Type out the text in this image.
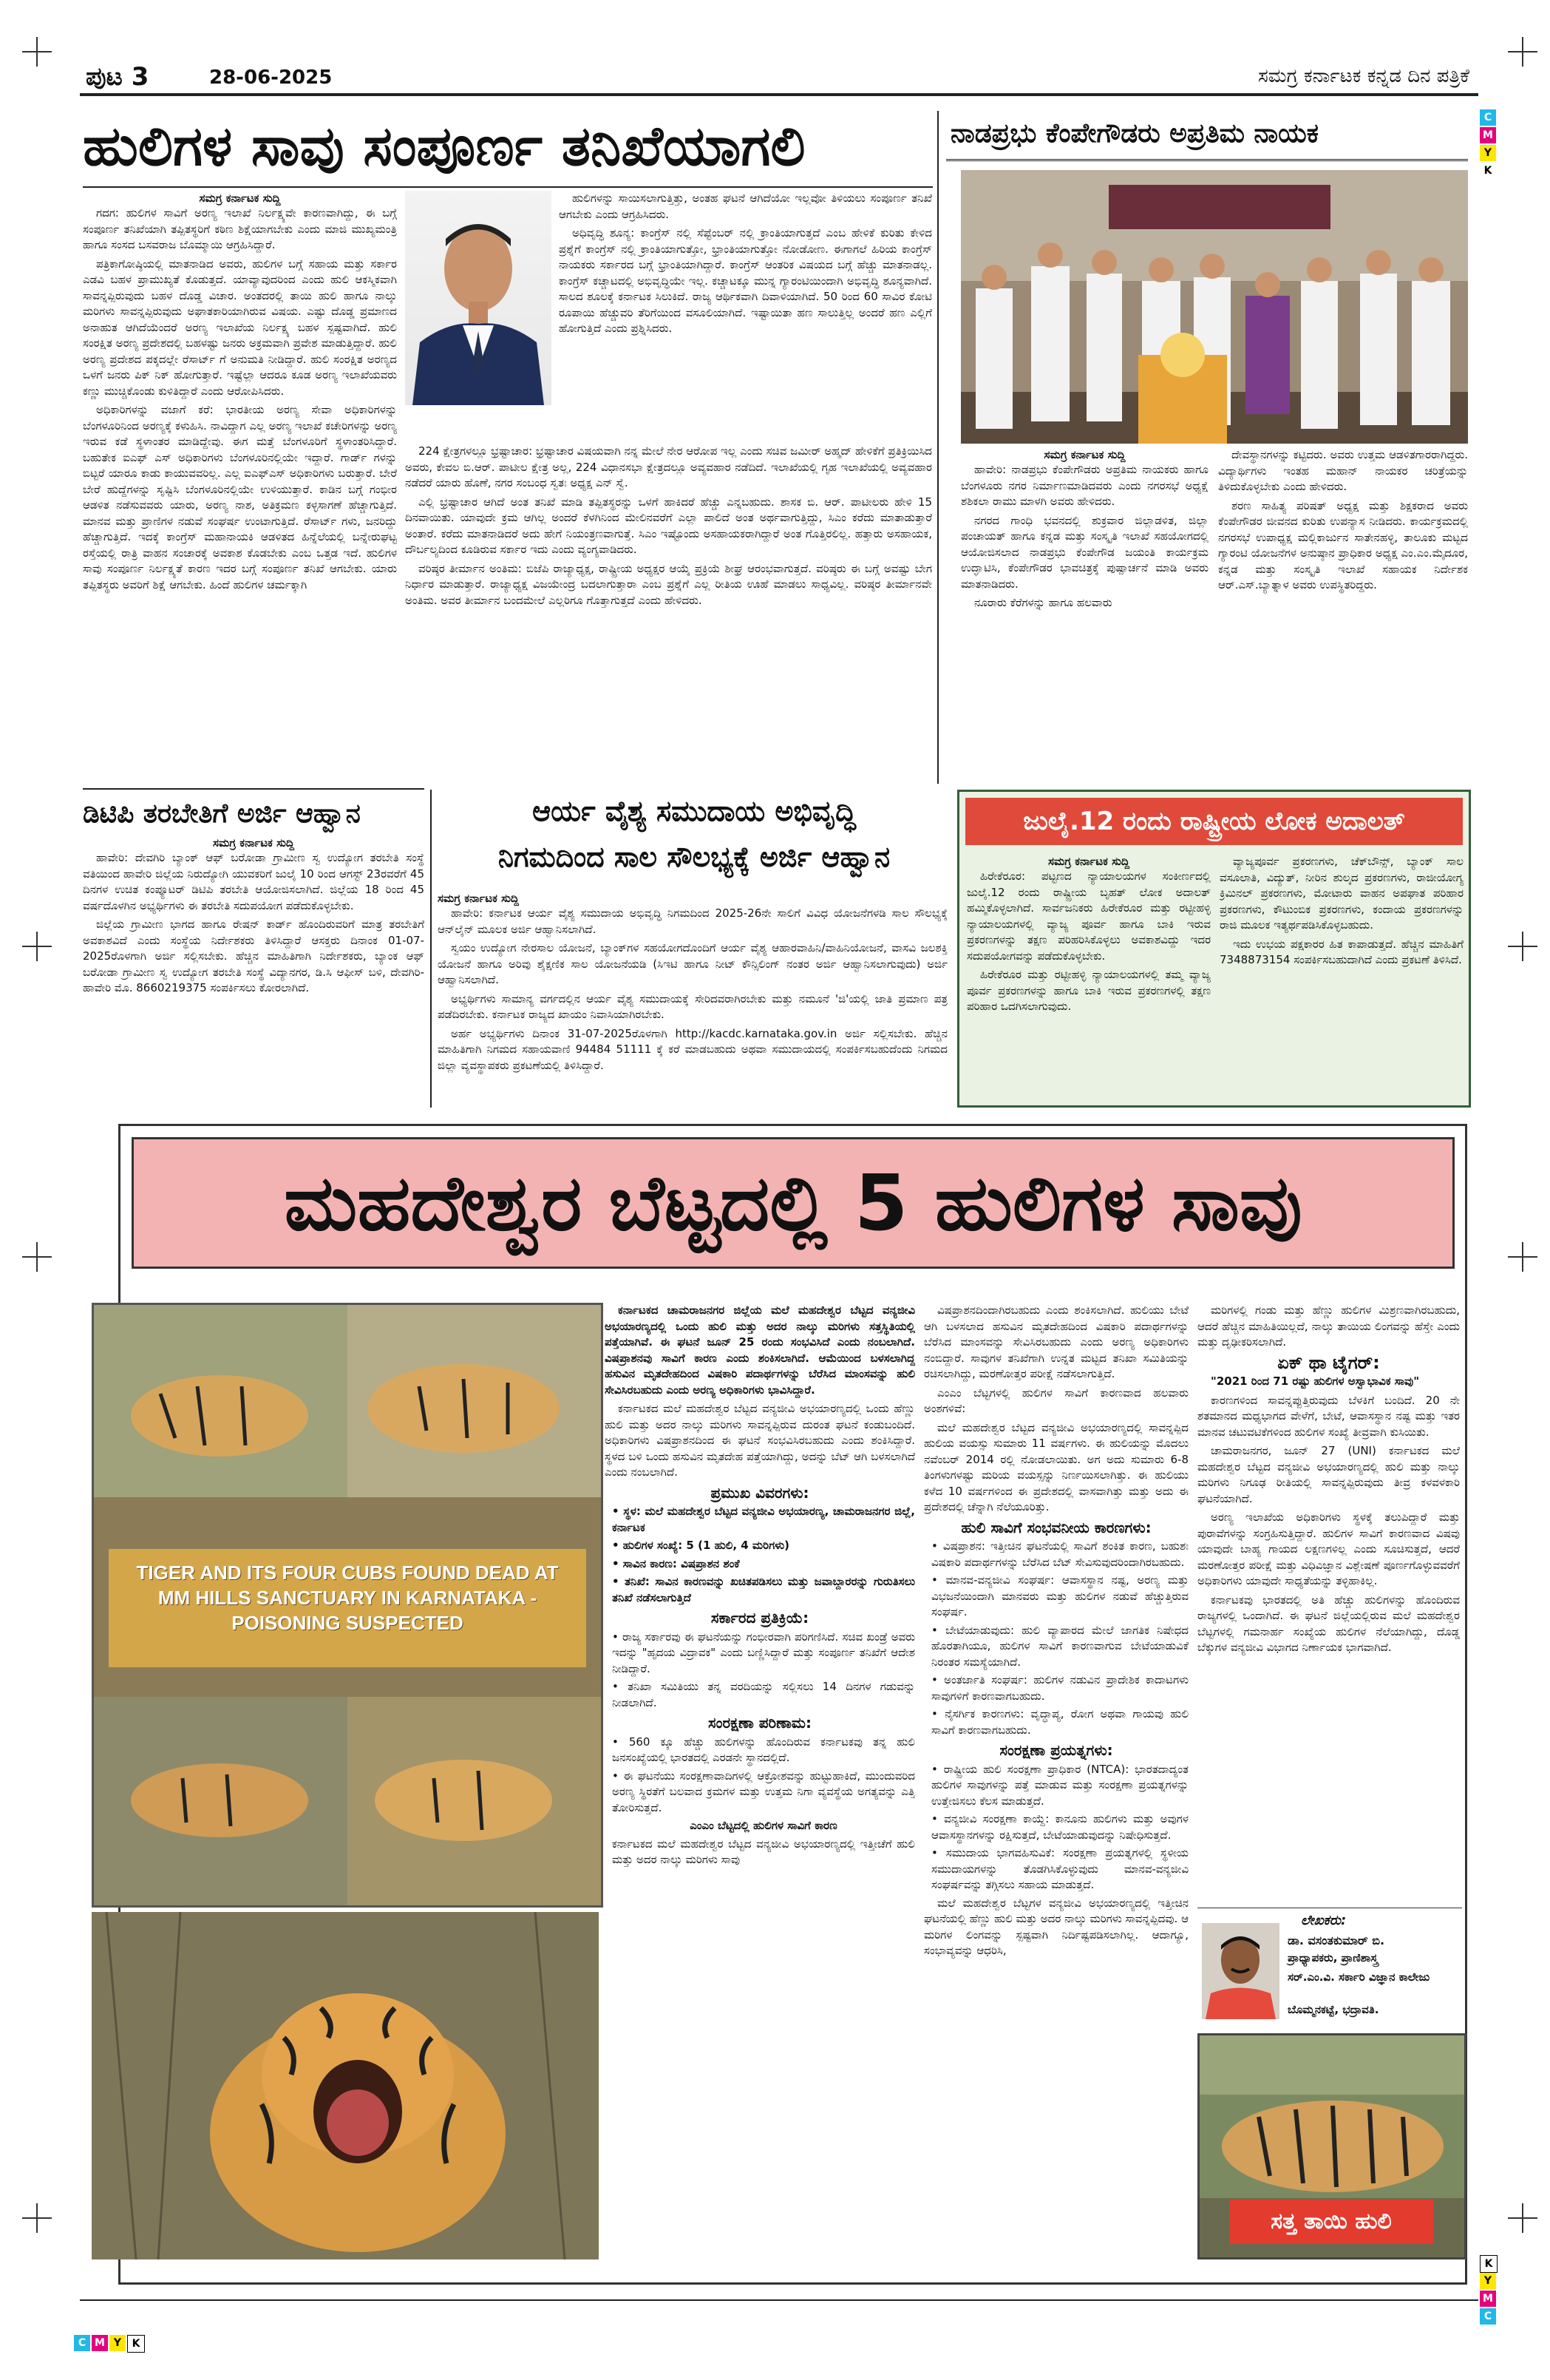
ಪುಟ 3	28-06-2025	ಸಮಗ್ರ ಕರ್ನಾಟಕ ಕನ್ನಡ ದಿನ ಪತ್ರಿಕೆ
C
M
Y
K
K
Y
M
C
C M Y	K
ಹುಲಿಗಳ ಸಾವು ಸಂಪೂರ್ಣ ತನಿಖೆಯಾಗಲಿ
ಸಮಗ್ರ ಕರ್ನಾಟಕ ಸುದ್ದಿ

ಗದಗ: ಹುಲಿಗಳ ಸಾವಿಗೆ ಅರಣ್ಯ ಇಲಾಖೆ ನಿರ್ಲಕ್ಷ್ಯವೇ ಕಾರಣವಾಗಿದ್ದು, ಈ ಬಗ್ಗೆ ಸಂಪೂರ್ಣ ತನಿಖೆಯಾಗಿ ತಪ್ಪಿತಸ್ಥರಿಗೆ ಕಠಿಣ ಶಿಕ್ಷೆಯಾಗಬೇಕು ಎಂದು ಮಾಜಿ ಮುಖ್ಯಮಂತ್ರಿ ಹಾಗೂ ಸಂಸದ ಬಸವರಾಜ ಬೊಮ್ಮಾಯಿ ಆಗ್ರಹಿಸಿದ್ದಾರೆ.

ಪತ್ರಿಕಾಗೋಷ್ಠಿಯಲ್ಲಿ ಮಾತನಾಡಿದ ಅವರು, ಹುಲಿಗಳ ಬಗ್ಗೆ ಸಹಾಯ ಮತ್ತು ಸರ್ಕಾರ ಎಡವಿ ಬಹಳ ಪ್ರಾಮುಖ್ಯತೆ ಕೊಡುತ್ತದೆ. ಯಾವ್ಯಾವುದರಿಂದ ಎಂದು ಹುಲಿ ಆಕಸ್ಮಿಕವಾಗಿ ಸಾವನ್ನಪ್ಪಿರುವುದು ಬಹಳ ದೊಡ್ಡ ವಿಚಾರ. ಅಂತದರಲ್ಲಿ ತಾಯಿ ಹುಲಿ ಹಾಗೂ ನಾಲ್ಕು ಮರಿಗಳು ಸಾವನ್ನಪ್ಪಿರುವುದು ಅಘಾತಕಾರಿಯಾಗಿರುವ ವಿಷಯ. ಎಷ್ಟು ದೊಡ್ಡ ಪ್ರಮಾಣದ ಅನಾಹುತ ಆಗಿದೆಯೆಂದರೆ ಅರಣ್ಯ ಇಲಾಖೆಯ ನಿರ್ಲಕ್ಷ್ಯ ಬಹಳ ಸ್ಪಷ್ಟವಾಗಿದೆ. ಹುಲಿ ಸಂರಕ್ಷಿತ ಅರಣ್ಯ ಪ್ರದೇಶದಲ್ಲಿ ಬಹಳಷ್ಟು ಜನರು ಅಕ್ರಮವಾಗಿ ಪ್ರವೇಶ ಮಾಡುತ್ತಿದ್ದಾರೆ. ಹುಲಿ ಅರಣ್ಯ ಪ್ರದೇಶದ ಪಕ್ಕದಲ್ಲೇ ರೆಸಾರ್ಟ್ ಗೆ ಅನುಮತಿ ನೀಡಿದ್ದಾರೆ. ಹುಲಿ ಸಂರಕ್ಷಿತ ಅರಣ್ಯದ ಒಳಗೆ ಜನರು ಪಿಕ್ ನಿಕ್ ಹೋಗುತ್ತಾರೆ. ಇಷ್ಟೆಲ್ಲಾ ಆದರೂ ಕೂಡ ಅರಣ್ಯ ಇಲಾಖೆಯವರು ಕಣ್ಣು ಮುಚ್ಚಿಕೊಂಡು ಕುಳಿತಿದ್ದಾರೆ ಎಂದು ಆರೋಪಿಸಿದರು.

ಅಧಿಕಾರಿಗಳನ್ನು ವಜಾಗೆ ಕರೆ: ಭಾರತೀಯ ಅರಣ್ಯ ಸೇವಾ ಅಧಿಕಾರಿಗಳನ್ನು ಬೆಂಗಳೂರಿನಿಂದ ಅರಣ್ಯಕ್ಕೆ ಕಳುಹಿಸಿ. ನಾವಿದ್ದಾಗ ಎಲ್ಲ ಅರಣ್ಯ ಇಲಾಖೆ ಕಚೇರಿಗಳನ್ನು ಅರಣ್ಯ ಇರುವ ಕಡೆ ಸ್ಥಳಾಂತರ ಮಾಡಿದ್ದೇವು. ಈಗ ಮತ್ತೆ ಬೆಂಗಳೂರಿಗೆ ಸ್ಥಳಾಂತರಿಸಿದ್ದಾರೆ. ಬಹುತೇಕ ಐಎಫ್ ಎಸ್ ಅಧಿಕಾರಿಗಳು ಬೆಂಗಳೂರಿನಲ್ಲಿಯೇ ಇದ್ದಾರೆ. ಗಾರ್ಡ್ ಗಳನ್ನು ಬಿಟ್ಟರೆ ಯಾರೂ ಕಾಡು ಕಾಯುವವರಿಲ್ಲ. ಎಲ್ಲ ಐಎಫ್ಎಸ್ ಅಧಿಕಾರಿಗಳು ಬರುತ್ತಾರೆ. ಬೇರೆ ಬೇರೆ ಹುದ್ದೆಗಳನ್ನು ಸೃಷ್ಟಿಸಿ ಬೆಂಗಳೂರಿನಲ್ಲಿಯೇ ಉಳಿಯುತ್ತಾರೆ. ಕಾಡಿನ ಬಗ್ಗೆ ಗಂಭೀರ ಆಡಳಿತ ನಡೆಸುವವರು ಯಾರು, ಅರಣ್ಯ ನಾಶ, ಅತಿಕ್ರಮಣ ಕಳ್ಳಸಾಗಣೆ ಹೆಚ್ಚಾಗುತ್ತಿದೆ. ಮಾನವ ಮತ್ತು ಪ್ರಾಣಿಗಳ ನಡುವೆ ಸಂಘರ್ಷ ಉಂಟಾಗುತ್ತಿದೆ. ರೆಸಾರ್ಟ್ ಗಳು, ಜನರಿದ್ದು ಹೆಚ್ಚಾಗುತ್ತಿದೆ. ಇದಕ್ಕೆ ಕಾಂಗ್ರೆಸ್ ಮಹಾನಾಯಕಿ ಆಡಳಿತದ ಹಿನ್ನೆಲೆಯಲ್ಲಿ ಬನ್ನೇರುಘಟ್ಟ ರಸ್ತೆಯಲ್ಲಿ ರಾತ್ರಿ ವಾಹನ ಸಂಚಾರಕ್ಕೆ ಅವಕಾಶ ಕೊಡಬೇಕು ಎಂಬ ಒತ್ತಡ ಇದೆ. ಹುಲಿಗಳ ಸಾವು ಸಂಪೂರ್ಣ ನಿರ್ಲಕ್ಷ್ಯತೆ ಕಾರಣ ಇದರ ಬಗ್ಗೆ ಸಂಪೂರ್ಣ ತನಿಖೆ ಆಗಬೇಕು. ಯಾರು ತಪ್ಪಿತಸ್ಥರು ಅವರಿಗೆ ಶಿಕ್ಷೆ ಆಗಬೇಕು. ಹಿಂದೆ ಹುಲಿಗಳ ಚರ್ಮಕ್ಕಾಗಿ

ಹುಲಿಗಳನ್ನು ಸಾಯಿಸಲಾಗುತ್ತಿತ್ತು, ಅಂತಹ ಘಟನೆ ಆಗಿದೆಯೋ ಇಲ್ಲವೋ ತಿಳಿಯಲು ಸಂಪೂರ್ಣ ತನಿಖೆ ಆಗಬೇಕು ಎಂದು ಆಗ್ರಹಿಸಿದರು.

ಅಧಿವೃದ್ಧಿ ಶೂನ್ಯ: ಕಾಂಗ್ರೆಸ್ ನಲ್ಲಿ ಸೆಪ್ಟೆಂಬರ್ ನಲ್ಲಿ ಕ್ರಾಂತಿಯಾಗುತ್ತದೆ ಎಂಬ ಹೇಳಿಕೆ ಕುರಿತು ಕೇಳಿದ ಪ್ರಶ್ನೆಗೆ ಕಾಂಗ್ರೆಸ್ ನಲ್ಲಿ ಕ್ರಾಂತಿಯಾಗುತ್ತೋ, ಭ್ರಾಂತಿಯಾಗುತ್ತೋ ನೋಡೋಣ. ಈಗಾಗಲೆ ಹಿರಿಯ ಕಾಂಗ್ರೆಸ್ ನಾಯಕರು ಸರ್ಕಾರದ ಬಗ್ಗೆ ಭ್ರಾಂತಿಯಾಗಿದ್ದಾರೆ. ಕಾಂಗ್ರೆಸ್ ಆಂತರಿಕ ವಿಷಯದ ಬಗ್ಗೆ ಹೆಚ್ಚು ಮಾತನಾಡಲ್ಲ. ಕಾಂಗ್ರೆಸ್ ಕಚ್ಚಾಟದಲ್ಲಿ ಅಭಿವೃದ್ಧಿಯೇ ಇಲ್ಲ. ಕಚ್ಚಾಟಕ್ಕೂ ಮುನ್ನ ಗ್ಯಾರಂಟಿಯಿಂದಾಗಿ ಅಭಿವೃದ್ಧಿ ಶೂನ್ಯವಾಗಿದೆ. ಸಾಲದ ಶೂಲಕ್ಕೆ ಕರ್ನಾಟಕ ಸಿಲುಕಿದೆ. ರಾಜ್ಯ ಆರ್ಥಿಕವಾಗಿ ದಿವಾಳಿಯಾಗಿದೆ. 50 ರಿಂದ 60 ಸಾವಿರ ಕೋಟಿ ರೂಪಾಯಿ ಹೆಚ್ಚುವರಿ ತೆರಿಗೆಯಿಂದ ವಸೂಲಿಯಾಗಿದೆ. ಇಷ್ಟಾಯಿತಾ ಹಣ ಸಾಲುತ್ತಿಲ್ಲ ಅಂದರೆ ಹಣ ಎಲ್ಲಿಗೆ ಹೋಗುತ್ತಿದೆ ಎಂದು ಪ್ರಶ್ನಿಸಿದರು.

224 ಕ್ಷೇತ್ರಗಳಲ್ಲೂ ಭ್ರಷ್ಟಾಚಾರ: ಭ್ರಷ್ಟಾಚಾರ ವಿಷಯವಾಗಿ ನನ್ನ ಮೇಲೆ ನೇರ ಆರೋಪ ಇಲ್ಲ ಎಂದು ಸಚಿವ ಜಮೀರ್ ಅಹ್ಮದ್ ಹೇಳಿಕೆಗೆ ಪ್ರತಿಕ್ರಿಯಿಸಿದ ಅವರು, ಕೇವಲ ಬಿ.ಆರ್. ಪಾಟೀಲ ಕ್ಷೇತ್ರ ಅಲ್ಲ, 224 ವಿಧಾನಸಭಾ ಕ್ಷೇತ್ರದಲ್ಲೂ ಅವ್ಯವಹಾರ ನಡೆದಿದೆ. ಇಲಾಖೆಯಲ್ಲಿ ಗೃಹ ಇಲಾಖೆಯಲ್ಲಿ ಅವ್ಯವಹಾರ ನಡೆದರೆ ಯಾರು ಹೊಣೆ, ನಗರ ಸಂಬಂಧ ಸ್ವತಃ ಅಧ್ಯಕ್ಷ ಎನ್ ಸ್ವೆ.

ಎಲ್ಲಿ ಭ್ರಷ್ಟಾಚಾರ ಆಗಿದೆ ಅಂತ ತನಿಖೆ ಮಾಡಿ ತಪ್ಪಿತಸ್ಥರನ್ನು ಒಳಗೆ ಹಾಕಿದರೆ ಹೆಚ್ಚು ಎನ್ನಬಹುದು. ಶಾಸಕ ಬಿ. ಆರ್. ಪಾಟೀಲರು ಹೇಳಿ 15 ದಿನವಾಯಿತು. ಯಾವುದೇ ಕ್ರಮ ಆಗಿಲ್ಲ ಅಂದರೆ ಕೆಳಗಿನಿಂದ ಮೇಲಿನವರೆಗೆ ಎಲ್ಲಾ ಪಾಲಿದೆ ಅಂತ ಅರ್ಥವಾಗುತ್ತಿದ್ದು, ಸಿಎಂ ಕರೆದು ಮಾತಾಡುತ್ತಾರೆ ಅಂತಾರೆ. ಕರೆದು ಮಾತನಾಡಿದರೆ ಅದು ಹೇಗೆ ನಿಯಂತ್ರಣವಾಗುತ್ತೆ. ಸಿಎಂ ಇಷ್ಟೊಂದು ಅಸಹಾಯಕರಾಗಿದ್ದಾರೆ ಅಂತ ಗೊತ್ತಿರಲಿಲ್ಲ. ಹತ್ತಾರು ಅಸಹಾಯಕ, ದೌರ್ಬಲ್ಯದಿಂದ ಕೂಡಿರುವ ಸರ್ಕಾರ ಇದು ಎಂದು ವ್ಯಂಗ್ಯವಾಡಿದರು.

ವರಿಷ್ಠರ ತೀರ್ಮಾನ ಅಂತಿಮ: ಬಿಜೆಪಿ ರಾಜ್ಯಾಧ್ಯಕ್ಷ, ರಾಷ್ಟ್ರೀಯ ಅಧ್ಯಕ್ಷರ ಆಯ್ಕೆ ಪ್ರಕ್ರಿಯೆ ಶೀಘ್ರ ಆರಂಭವಾಗುತ್ತದೆ. ವರಿಷ್ಠರು ಈ ಬಗ್ಗೆ ಅವಷ್ಟು ಬೇಗ ನಿರ್ಧಾರ ಮಾಡುತ್ತಾರೆ. ರಾಜ್ಯಾಧ್ಯಕ್ಷ ವಿಜಯೇಂದ್ರ ಬದಲಾಗುತ್ತಾರಾ ಎಂಬ ಪ್ರಶ್ನೆಗೆ ಎಲ್ಲ ರೀತಿಯ ಊಹೆ ಮಾಡಲು ಸಾಧ್ಯವಿಲ್ಲ. ವರಿಷ್ಠರ ತೀರ್ಮಾನವೇ ಅಂತಿಮ. ಅವರ ತೀರ್ಮಾನ ಬಂದಮೇಲೆ ಎಲ್ಲರಿಗೂ ಗೊತ್ತಾಗುತ್ತದೆ ಎಂದು ಹೇಳಿದರು.

ನಾಡಪ್ರಭು ಕೆಂಪೇಗೌಡರು ಅಪ್ರತಿಮ ನಾಯಕ
ಸಮಗ್ರ ಕರ್ನಾಟಕ ಸುದ್ದಿ

ಹಾವೇರಿ: ನಾಡಪ್ರಭು ಕೆಂಪೇಗೌಡರು ಅಪ್ರತಿಮ ನಾಯಕರು ಹಾಗೂ ಬೆಂಗಳೂರು ನಗರ ನಿರ್ಮಾಣಮಾಡಿದವರು ಎಂದು ನಗರಸಭೆ ಅಧ್ಯಕ್ಷೆ ಶಶಿಕಲಾ ರಾಮು ಮಾಳಗಿ ಅವರು ಹೇಳಿದರು.

ನಗರದ ಗಾಂಧಿ ಭವನದಲ್ಲಿ ಶುಕ್ರವಾರ ಜಿಲ್ಲಾಡಳಿತ, ಜಿಲ್ಲಾ ಪಂಚಾಯತ್ ಹಾಗೂ ಕನ್ನಡ ಮತ್ತು ಸಂಸ್ಕೃತಿ ಇಲಾಖೆ ಸಹಯೋಗದಲ್ಲಿ ಆಯೋಜಿಸಲಾದ ನಾಡಪ್ರಭು ಕೆಂಪೇಗೌಡ ಜಯಂತಿ ಕಾರ್ಯಕ್ರಮ ಉದ್ಘಾಟಿಸಿ, ಕೆಂಪೇಗೌಡರ ಭಾವಚಿತ್ರಕ್ಕೆ ಪುಷ್ಪಾರ್ಚನೆ ಮಾಡಿ ಅವರು ಮಾತನಾಡಿದರು.

ನೂರಾರು ಕೆರೆಗಳನ್ನು ಹಾಗೂ ಹಲವಾರು

ದೇವಸ್ಥಾನಗಳನ್ನು ಕಟ್ಟಿದರು. ಅವರು ಉತ್ತಮ ಆಡಳಿತಗಾರರಾಗಿದ್ದರು. ವಿದ್ಯಾರ್ಥಿಗಳು ಇಂತಹ ಮಹಾನ್ ನಾಯಕರ ಚರಿತ್ರೆಯನ್ನು ತಿಳಿದುಕೊಳ್ಳಬೇಕು ಎಂದು ಹೇಳಿದರು.

ಶರಣ ಸಾಹಿತ್ಯ ಪರಿಷತ್ ಅಧ್ಯಕ್ಷ ಮತ್ತು ಶಿಕ್ಷಕರಾದ ಅವರು ಕೆಂಪೇಗೌಡರ ಜೀವನದ ಕುರಿತು ಉಪನ್ಯಾಸ ನೀಡಿದರು. ಕಾರ್ಯಕ್ರಮದಲ್ಲಿ ನಗರಸಭೆ ಉಪಾಧ್ಯಕ್ಷ ಮಲ್ಲಿಕಾರ್ಜುನ ಸಾತೇನಹಳ್ಳಿ, ತಾಲೂಕು ಮಟ್ಟದ ಗ್ಯಾರಂಟಿ ಯೋಜನೆಗಳ ಅನುಷ್ಠಾನ ಪ್ರಾಧಿಕಾರ ಅಧ್ಯಕ್ಷ ಎಂ.ಎಂ.ಮೈದೂರ, ಕನ್ನಡ ಮತ್ತು ಸಂಸ್ಕೃತಿ ಇಲಾಖೆ ಸಹಾಯಕ ನಿರ್ದೇಶಕ ಆರ್.ಎಸ್.ಬ್ಯಾತ್ನಾಳ ಅವರು ಉಪಸ್ಥಿತರಿದ್ದರು.

ಜುಲೈ.12 ರಂದು ರಾಷ್ಟ್ರೀಯ ಲೋಕ ಅದಾಲತ್
ಸಮಗ್ರ ಕರ್ನಾಟಕ ಸುದ್ದಿ

ಹಿರೇಕೆರೂರ: ಪಟ್ಟಣದ ನ್ಯಾಯಾಲಯಗಳ ಸಂಕೀರ್ಣದಲ್ಲಿ ಜುಲೈ.12 ರಂದು ರಾಷ್ಟ್ರೀಯ ಬೃಹತ್ ಲೋಕ ಅದಾಲತ್ ಹಮ್ಮಿಕೊಳ್ಳಲಾಗಿದೆ. ಸಾರ್ವಜನಿಕರು ಹಿರೇಕೆರೂರ ಮತ್ತು ರಟ್ಟೀಹಳ್ಳಿ ನ್ಯಾಯಾಲಯಗಳಲ್ಲಿ ವ್ಯಾಜ್ಯ ಪೂರ್ವ ಹಾಗೂ ಬಾಕಿ ಇರುವ ಪ್ರಕರಣಗಳನ್ನು ತಕ್ಷಣ ಪರಿಹರಿಸಿಕೊಳ್ಳಲು ಅವಕಾಶವಿದ್ದು ಇದರ ಸದುಪಯೋಗವನ್ನು ಪಡೆದುಕೊಳ್ಳಬೇಕು.

ಹಿರೇಕೆರೂರ ಮತ್ತು ರಟ್ಟೀಹಳ್ಳಿ ನ್ಯಾಯಾಲಯಗಳಲ್ಲಿ ತಮ್ಮ ವ್ಯಾಜ್ಯ ಪೂರ್ವ ಪ್ರಕರಣಗಳನ್ನು ಹಾಗೂ ಬಾಕಿ ಇರುವ ಪ್ರಕರಣಗಳಲ್ಲಿ ತಕ್ಷಣ ಪರಿಹಾರ ಒದಗಿಸಲಾಗುವುದು.

ವ್ಯಾಜ್ಯಪೂರ್ವ ಪ್ರಕರಣಗಳು, ಚೆಕ್‌ಬೌನ್ಸ್, ಬ್ಯಾಂಕ್ ಸಾಲ ವಸೂಲಾತಿ, ವಿದ್ಯುತ್, ನೀರಿನ ಶುಲ್ಕದ ಪ್ರಕರಣಗಳು, ರಾಜೀಯೋಗ್ಯ ಕ್ರಿಮಿನಲ್ ಪ್ರಕರಣಗಳು, ಮೋಟಾರು ವಾಹನ ಅಪಘಾತ ಪರಿಹಾರ ಪ್ರಕರಣಗಳು, ಕೌಟುಂಬಿಕ ಪ್ರಕರಣಗಳು, ಕಂದಾಯ ಪ್ರಕರಣಗಳನ್ನು ರಾಜಿ ಮೂಲಕ ಇತ್ಯರ್ಥಪಡಿಸಿಕೊಳ್ಳಬಹುದು.

ಇದು ಉಭಯ ಪಕ್ಷಕಾರರ ಹಿತ ಕಾಪಾಡುತ್ತದೆ. ಹೆಚ್ಚಿನ ಮಾಹಿತಿಗೆ 7348873154 ಸಂಪರ್ಕಿಸಬಹುದಾಗಿದೆ ಎಂದು ಪ್ರಕಟಣೆ ತಿಳಿಸಿದೆ.

ಡಿಟಿಪಿ ತರಬೇತಿಗೆ ಅರ್ಜಿ ಆಹ್ವಾನ
ಸಮಗ್ರ ಕರ್ನಾಟಕ ಸುದ್ದಿ

ಹಾವೇರಿ: ದೇವಗಿರಿ ಬ್ಯಾಂಕ್ ಆಫ್ ಬರೋಡಾ ಗ್ರಾಮೀಣ ಸ್ವ ಉದ್ಯೋಗ ತರಬೇತಿ ಸಂಸ್ಥೆ ವತಿಯಿಂದ ಹಾವೇರಿ ಜಿಲ್ಲೆಯ ನಿರುದ್ಯೋಗಿ ಯುವಕರಿಗೆ ಜುಲೈ 10 ರಿಂದ ಆಗಸ್ಟ್ 23ರವರೆಗೆ 45 ದಿನಗಳ ಉಚಿತ ಕಂಪ್ಯೂಟರ್ ಡಿಟಿಪಿ ತರಬೇತಿ ಆಯೋಜಿಸಲಾಗಿದೆ. ಜಿಲ್ಲೆಯ 18 ರಿಂದ 45 ವರ್ಷದೊಳಗಿನ ಅಭ್ಯರ್ಥಿಗಳು ಈ ತರಬೇತಿ ಸದುಪಯೋಗ ಪಡೆದುಕೊಳ್ಳಬೇಕು.

ಜಿಲ್ಲೆಯ ಗ್ರಾಮೀಣ ಭಾಗದ ಹಾಗೂ ರೇಷನ್ ಕಾರ್ಡ್ ಹೊಂದಿರುವರಿಗೆ ಮಾತ್ರ ತರಬೇತಿಗೆ ಅವಕಾಶವಿದೆ ಎಂದು ಸಂಸ್ಥೆಯ ನಿರ್ದೇಶಕರು ತಿಳಿಸಿದ್ದಾರೆ ಆಸಕ್ತರು ದಿನಾಂಕ 01-07-2025ರೊಳಗಾಗಿ ಅರ್ಜಿ ಸಲ್ಲಿಸಬೇಕು. ಹೆಚ್ಚಿನ ಮಾಹಿತಿಗಾಗಿ ನಿರ್ದೇಶಕರು, ಬ್ಯಾಂಕ ಆಫ್ ಬರೋಡಾ ಗ್ರಾಮೀಣ ಸ್ವ ಉದ್ಯೋಗ ತರಬೇತಿ ಸಂಸ್ಥೆ ವಿದ್ಯಾನಗರ, ಡಿ.ಸಿ ಆಫೀಸ್ ಬಳಿ, ದೇವಗಿರಿ- ಹಾವೇರಿ ಮೊ. 8660219375 ಸಂಪರ್ಕಿಸಲು ಕೋರಲಾಗಿದೆ.

ಆರ್ಯ ವೈಶ್ಯ ಸಮುದಾಯ ಅಭಿವೃದ್ಧಿ
ನಿಗಮದಿಂದ ಸಾಲ ಸೌಲಭ್ಯಕ್ಕೆ ಅರ್ಜಿ ಆಹ್ವಾನ
ಸಮಗ್ರ ಕರ್ನಾಟಕ ಸುದ್ದಿ

ಹಾವೇರಿ: ಕರ್ನಾಟಕ ಆರ್ಯ ವೈಶ್ಯ ಸಮುದಾಯ ಅಭಿವೃದ್ಧಿ ನಿಗಮದಿಂದ 2025-26ನೇ ಸಾಲಿಗೆ ವಿವಿಧ ಯೋಜನೆಗಳಡಿ ಸಾಲ ಸೌಲಭ್ಯಕ್ಕೆ ಆನ್‌ಲೈನ್ ಮೂಲಕ ಅರ್ಜಿ ಆಹ್ವಾನಿಸಲಾಗಿದೆ.

ಸ್ವಯಂ ಉದ್ಯೋಗ ನೇರಸಾಲ ಯೋಜನೆ, ಬ್ಯಾಂಕ್‌ಗಳ ಸಹಯೋಗದೊಂದಿಗೆ ಆರ್ಯ ವೈಶ್ಯ ಆಹಾರವಾಹಿನಿ/ವಾಹಿನಿಯೋಜನೆ, ವಾಸವಿ ಜಲಶಕ್ತಿ ಯೋಜನೆ ಹಾಗೂ ಅರಿವು ಶೈಕ್ಷಣಿಕ ಸಾಲ ಯೋಜನೆಯಡಿ (ಸಿಇಟಿ ಹಾಗೂ ನೀಟ್ ಕೌನ್ಸಿಲಿಂಗ್ ನಂತರ ಅರ್ಜಿ ಆಹ್ವಾನಿಸಲಾಗುವುದು) ಅರ್ಜಿ ಆಹ್ವಾನಿಸಲಾಗಿದೆ.

ಅಭ್ಯರ್ಥಿಗಳು ಸಾಮಾನ್ಯ ವರ್ಗದಲ್ಲಿನ ಆರ್ಯ ವೈಶ್ಯ ಸಮುದಾಯಕ್ಕೆ ಸೇರಿದವರಾಗಿರಬೇಕು ಮತ್ತು ನಮೂನೆ 'ಜಿ'ಯಲ್ಲಿ ಜಾತಿ ಪ್ರಮಾಣ ಪತ್ರ ಪಡೆದಿರಬೇಕು. ಕರ್ನಾಟಕ ರಾಜ್ಯದ ಖಾಯಂ ನಿವಾಸಿಯಾಗಿರಬೇಕು.

ಅರ್ಹ ಅಭ್ಯರ್ಥಿಗಳು ದಿನಾಂಕ 31-07-2025ರೊಳಗಾಗಿ http://kacdc.karnataka.gov.in ಅರ್ಜಿ ಸಲ್ಲಿಸಬೇಕು. ಹೆಚ್ಚಿನ ಮಾಹಿತಿಗಾಗಿ ನಿಗಮದ ಸಹಾಯವಾಣಿ 94484 51111 ಕ್ಕೆ ಕರೆ ಮಾಡಬಹುದು ಅಥವಾ ಸಮುದಾಯದಲ್ಲಿ ಸಂಪರ್ಕಿಸಬಹುದೆಂದು ನಿಗಮದ ಜಿಲ್ಲಾ ವ್ಯವಸ್ಥಾಪಕರು ಪ್ರಕಟಣೆಯಲ್ಲಿ ತಿಳಿಸಿದ್ದಾರೆ.

ಮಹದೇಶ್ವರ ಬೆಟ್ಟದಲ್ಲಿ 5 ಹುಲಿಗಳ ಸಾವು
TIGER AND ITS FOUR CUBS FOUND DEAD AT MM HILLS SANCTUARY IN KARNATAKA - POISONING SUSPECTED

ಕರ್ನಾಟಕದ ಚಾಮರಾಜನಗರ ಜಿಲ್ಲೆಯ ಮಲೆ ಮಹದೇಶ್ವರ ಬೆಟ್ಟದ ವನ್ಯಜೀವಿ ಅಭಯಾರಣ್ಯದಲ್ಲಿ ಒಂದು ಹುಲಿ ಮತ್ತು ಅದರ ನಾಲ್ಕು ಮರಿಗಳು ಸತ್ತಸ್ಥಿತಿಯಲ್ಲಿ ಪತ್ತೆಯಾಗಿವೆ. ಈ ಘಟನೆ ಜೂನ್ 25 ರಂದು ಸಂಭವಿಸಿದೆ ಎಂದು ನಂಬಲಾಗಿದೆ. ವಿಷಪ್ರಾಶನವು ಸಾವಿಗೆ ಕಾರಣ ಎಂದು ಶಂಕಿಸಲಾಗಿದೆ. ಆಮೆಯಿಂದ ಬಳಸಲಾಗಿದ್ದ ಹಸುವಿನ ಮೃತದೇಹದಿಂದ ವಿಷಕಾರಿ ಪದಾರ್ಥಗಳನ್ನು ಬೆರೆಸಿದ ಮಾಂಸವನ್ನು ಹುಲಿ ಸೇವಿಸಿರಬಹುದು ಎಂದು ಅರಣ್ಯ ಅಧಿಕಾರಿಗಳು ಭಾವಿಸಿದ್ದಾರೆ.

ಕರ್ನಾಟಕದ ಮಲೆ ಮಹದೇಶ್ವರ ಬೆಟ್ಟದ ವನ್ಯಜೀವಿ ಅಭಯಾರಣ್ಯದಲ್ಲಿ ಒಂದು ಹೆಣ್ಣು ಹುಲಿ ಮತ್ತು ಅದರ ನಾಲ್ಕು ಮರಿಗಳು ಸಾವನ್ನಪ್ಪಿರುವ ದುರಂತ ಘಟನೆ ಕಂಡುಬಂದಿದೆ. ಅಧಿಕಾರಿಗಳು ವಿಷಪ್ರಾಶನದಿಂದ ಈ ಘಟನೆ ಸಂಭವಿಸಿರಬಹುದು ಎಂದು ಶಂಕಿಸಿದ್ದಾರೆ. ಸ್ಥಳದ ಬಳಿ ಒಂದು ಹಸುವಿನ ಮೃತದೇಹ ಪತ್ತೆಯಾಗಿದ್ದು, ಅದನ್ನು ಬೆಟ್ ಆಗಿ ಬಳಸಲಾಗಿದೆ ಎಂದು ನಂಬಲಾಗಿದೆ.

ಪ್ರಮುಖ ವಿವರಗಳು:
• ಸ್ಥಳ: ಮಲೆ ಮಹದೇಶ್ವರ ಬೆಟ್ಟದ ವನ್ಯಜೀವಿ ಅಭಯಾರಣ್ಯ, ಚಾಮರಾಜನಗರ ಜಿಲ್ಲೆ, ಕರ್ನಾಟಕ
• ಹುಲಿಗಳ ಸಂಖ್ಯೆ: 5 (1 ಹುಲಿ, 4 ಮರಿಗಳು)
• ಸಾವಿನ ಕಾರಣ: ವಿಷಪ್ರಾಶನ ಶಂಕೆ
• ತನಿಖೆ: ಸಾವಿನ ಕಾರಣವನ್ನು ಖಚಿತಪಡಿಸಲು ಮತ್ತು ಜವಾಬ್ದಾರರನ್ನು ಗುರುತಿಸಲು ತನಿಖೆ ನಡೆಸಲಾಗುತ್ತಿದೆ
ಸರ್ಕಾರದ ಪ್ರತಿಕ್ರಿಯೆ:
• ರಾಜ್ಯ ಸರ್ಕಾರವು ಈ ಘಟನೆಯನ್ನು ಗಂಭೀರವಾಗಿ ಪರಿಗಣಿಸಿದೆ. ಸಚಿವ ಖಂಡ್ರೆ ಅವರು ಇದನ್ನು "ಹೃದಯ ವಿದ್ರಾವಕ" ಎಂದು ಬಣ್ಣಿಸಿದ್ದಾರೆ ಮತ್ತು ಸಂಪೂರ್ಣ ತನಿಖೆಗೆ ಆದೇಶ ನೀಡಿದ್ದಾರೆ.
• ತನಿಖಾ ಸಮಿತಿಯು ತನ್ನ ವರದಿಯನ್ನು ಸಲ್ಲಿಸಲು 14 ದಿನಗಳ ಗಡುವನ್ನು ನೀಡಲಾಗಿದೆ.
ಸಂರಕ್ಷಣಾ ಪರಿಣಾಮ:
• 560 ಕ್ಕೂ ಹೆಚ್ಚು ಹುಲಿಗಳನ್ನು ಹೊಂದಿರುವ ಕರ್ನಾಟಕವು ತನ್ನ ಹುಲಿ ಜನಸಂಖ್ಯೆಯಲ್ಲಿ ಭಾರತದಲ್ಲಿ ಎರಡನೇ ಸ್ಥಾನದಲ್ಲಿದೆ.
• ಈ ಘಟನೆಯು ಸಂರಕ್ಷಣಾವಾದಿಗಳಲ್ಲಿ ಆಕ್ರೋಶವನ್ನು ಹುಟ್ಟುಹಾಕಿದೆ, ಮುಂದುವರಿದ ಅರಣ್ಯ ಸ್ಥಿರತೆಗೆ ಬಲವಾದ ಕ್ರಮಗಳ ಮತ್ತು ಉತ್ತಮ ನಿಗಾ ವ್ಯವಸ್ಥೆಯ ಅಗತ್ಯವನ್ನು ಎತ್ತಿ ತೋರಿಸುತ್ತದೆ.
ಎಂಎಂ ಬೆಟ್ಟದಲ್ಲಿ ಹುಲಿಗಳ ಸಾವಿಗೆ ಕಾರಣ
ಕರ್ನಾಟಕದ ಮಲೆ ಮಹದೇಶ್ವರ ಬೆಟ್ಟದ ವನ್ಯಜೀವಿ ಅಭಯಾರಣ್ಯದಲ್ಲಿ ಇತ್ತೀಚೆಗೆ ಹುಲಿ ಮತ್ತು ಅದರ ನಾಲ್ಕು ಮರಿಗಳು ಸಾವು

ವಿಷಪ್ರಾಶನದಿಂದಾಗಿರಬಹುದು ಎಂದು ಶಂಕಿಸಲಾಗಿದೆ. ಹುಲಿಯು ಬೇಟೆ ಆಗಿ ಬಳಸಲಾದ ಹಸುವಿನ ಮೃತದೇಹದಿಂದ ವಿಷಕಾರಿ ಪದಾರ್ಥಗಳನ್ನು ಬೆರೆಸಿದ ಮಾಂಸವನ್ನು ಸೇವಿಸಿರಬಹುದು ಎಂದು ಅರಣ್ಯ ಅಧಿಕಾರಿಗಳು ನಂಬಿದ್ದಾರೆ. ಸಾವುಗಳ ತನಿಖೆಗಾಗಿ ಉನ್ನತ ಮಟ್ಟದ ತನಿಖಾ ಸಮಿತಿಯನ್ನು ರಚಿಸಲಾಗಿದ್ದು, ಮರಣೋತ್ತರ ಪರೀಕ್ಷೆ ನಡೆಸಲಾಗುತ್ತಿದೆ.

ಎಂಎಂ ಬೆಟ್ಟಗಳಲ್ಲಿ ಹುಲಿಗಳ ಸಾವಿಗೆ ಕಾರಣವಾದ ಹಲವಾರು ಅಂಶಗಳಿವೆ:

ಮಲೆ ಮಹದೇಶ್ವರ ಬೆಟ್ಟದ ವನ್ಯಜೀವಿ ಅಭಯಾರಣ್ಯದಲ್ಲಿ ಸಾವನ್ನಪ್ಪಿದ ಹುಲಿಯ ವಯಸ್ಸು ಸುಮಾರು 11 ವರ್ಷಗಳು. ಈ ಹುಲಿಯನ್ನು ಮೊದಲು ನವೆಂಬರ್ 2014 ರಲ್ಲಿ ನೋಡಲಾಯಿತು. ಅಗ ಅದು ಸುಮಾರು 6-8 ತಿಂಗಳುಗಳಷ್ಟು ಮರಿಯ ವಯಸ್ಸನ್ನು ನಿರ್ಣಯಿಸಲಾಗಿತ್ತು. ಈ ಹುಲಿಯು ಕಳೆದ 10 ವರ್ಷಗಳಿಂದ ಈ ಪ್ರದೇಶದಲ್ಲಿ ವಾಸವಾಗಿತ್ತು ಮತ್ತು ಅದು ಈ ಪ್ರದೇಶದಲ್ಲಿ ಚೆನ್ನಾಗಿ ನೆಲೆಯೂರಿತ್ತು.

ಹುಲಿ ಸಾವಿಗೆ ಸಂಭವನೀಯ ಕಾರಣಗಳು:
• ವಿಷಪ್ರಾಶನ: ಇತ್ತೀಚಿನ ಘಟನೆಯಲ್ಲಿ ಸಾವಿಗೆ ಶಂಕಿತ ಕಾರಣ, ಬಹುಶಃ ವಿಷಕಾರಿ ಪದಾರ್ಥಗಳನ್ನು ಬೆರೆಸಿದ ಬೆಟ್ ಸೇವಿಸುವುದರಿಂದಾಗಿರಬಹುದು.
• ಮಾನವ-ವನ್ಯಜೀವಿ ಸಂಘರ್ಷ: ಆವಾಸಸ್ಥಾನ ನಷ್ಟ, ಅರಣ್ಯ ಮತ್ತು ವಿಭಜನೆಯಿಂದಾಗಿ ಮಾನವರು ಮತ್ತು ಹುಲಿಗಳ ನಡುವೆ ಹೆಚ್ಚುತ್ತಿರುವ ಸಂಘರ್ಷ.
• ಬೇಟೆಯಾಡುವುದು: ಹುಲಿ ವ್ಯಾಪಾರದ ಮೇಲೆ ಜಾಗತಿಕ ನಿಷೇಧದ ಹೊರತಾಗಿಯೂ, ಹುಲಿಗಳ ಸಾವಿಗೆ ಕಾರಣವಾಗುವ ಬೇಟೆಯಾಡುವಿಕೆ ನಿರಂತರ ಸಮಸ್ಯೆಯಾಗಿದೆ.
• ಅಂತರ್ಜಾತಿ ಸಂಘರ್ಷ: ಹುಲಿಗಳ ನಡುವಿನ ಪ್ರಾದೇಶಿಕ ಕಾದಾಟಗಳು ಸಾವುಗಳಿಗೆ ಕಾರಣವಾಗಬಹುದು.
• ನೈಸರ್ಗಿಕ ಕಾರಣಗಳು: ವೃದ್ಧಾಪ್ಯ, ರೋಗ ಅಥವಾ ಗಾಯವು ಹುಲಿ ಸಾವಿಗೆ ಕಾರಣವಾಗಬಹುದು.
ಸಂರಕ್ಷಣಾ ಪ್ರಯತ್ನಗಳು:
• ರಾಷ್ಟ್ರೀಯ ಹುಲಿ ಸಂರಕ್ಷಣಾ ಪ್ರಾಧಿಕಾರ (NTCA): ಭಾರತದಾದ್ಯಂತ ಹುಲಿಗಳ ಸಾವುಗಳನ್ನು ಪತ್ತೆ ಮಾಡುವ ಮತ್ತು ಸಂರಕ್ಷಣಾ ಪ್ರಯತ್ನಗಳನ್ನು ಉತ್ತೇಜಿಸಲು ಕೆಲಸ ಮಾಡುತ್ತದೆ.
• ವನ್ಯಜೀವಿ ಸಂರಕ್ಷಣಾ ಕಾಯ್ದೆ: ಕಾನೂನು ಹುಲಿಗಳು ಮತ್ತು ಅವುಗಳ ಆವಾಸಸ್ಥಾನಗಳನ್ನು ರಕ್ಷಿಸುತ್ತದೆ, ಬೇಟೆಯಾಡುವುದನ್ನು ನಿಷೇಧಿಸುತ್ತದೆ.
• ಸಮುದಾಯ ಭಾಗವಹಿಸುವಿಕೆ: ಸಂರಕ್ಷಣಾ ಪ್ರಯತ್ನಗಳಲ್ಲಿ ಸ್ಥಳೀಯ ಸಮುದಾಯಗಳನ್ನು ತೊಡಗಿಸಿಕೊಳ್ಳುವುದು ಮಾನವ-ವನ್ಯಜೀವಿ ಸಂಘರ್ಷವನ್ನು ತಗ್ಗಿಸಲು ಸಹಾಯ ಮಾಡುತ್ತದೆ.

ಮಲೆ ಮಹದೇಶ್ವರ ಬೆಟ್ಟಗಳ ವನ್ಯಜೀವಿ ಅಭಯಾರಣ್ಯದಲ್ಲಿ ಇತ್ತೀಚಿನ ಘಟನೆಯಲ್ಲಿ ಹೆಣ್ಣು ಹುಲಿ ಮತ್ತು ಅದರ ನಾಲ್ಕು ಮರಿಗಳು ಸಾವನ್ನಪ್ಪಿದವು. ಆ ಮರಿಗಳ ಲಿಂಗವನ್ನು ಸ್ಪಷ್ಟವಾಗಿ ನಿರ್ದಿಷ್ಟಪಡಿಸಲಾಗಿಲ್ಲ. ಆದಾಗ್ಯೂ, ಸಂಭಾವ್ಯವನ್ನು ಆಧರಿಸಿ,

ಮರಿಗಳಲ್ಲಿ ಗಂಡು ಮತ್ತು ಹೆಣ್ಣು ಹುಲಿಗಳ ಮಿಶ್ರಣವಾಗಿರಬಹುದು, ಆದರೆ ಹೆಚ್ಚಿನ ಮಾಹಿತಿಯಿಲ್ಲದೆ, ನಾಲ್ಕು ತಾಯಿಯ ಲಿಂಗವನ್ನು ಹೆಸ್ತೇ ಎಂದು ಮತ್ತು ದೃಢೀಕರಿಸಲಾಗಿದೆ.

ಏಕ್ ಥಾ ಟೈಗರ್:

"2021 ರಿಂದ 71 ರಷ್ಟು ಹುಲಿಗಳ ಅಸ್ವಾಭಾವಿಕ ಸಾವು"

ಕಾರಣಗಳಿಂದ ಸಾವನ್ನಪ್ಪುತ್ತಿರುವುದು ಬೆಳಕಿಗೆ ಬಂದಿದೆ. 20 ನೇ ಶತಮಾನದ ಮಧ್ಯಭಾಗದ ವೇಳೆಗೆ, ಬೇಟೆ, ಆವಾಸಸ್ಥಾನ ನಷ್ಟ ಮತ್ತು ಇತರ ಮಾನವ ಚಟುವಟಿಕೆಗಳಿಂದ ಹುಲಿಗಳ ಸಂಖ್ಯೆ ತೀವ್ರವಾಗಿ ಕುಸಿಯಿತು.

ಚಾಮರಾಜನಗರ, ಜೂನ್ 27 (UNI) ಕರ್ನಾಟಕದ ಮಲೆ ಮಹದೇಶ್ವರ ಬೆಟ್ಟದ ವನ್ಯಜೀವಿ ಅಭಯಾರಣ್ಯದಲ್ಲಿ ಹುಲಿ ಮತ್ತು ನಾಲ್ಕು ಮರಿಗಳು ನಿಗೂಢ ರೀತಿಯಲ್ಲಿ ಸಾವನ್ನಪ್ಪಿರುವುದು ತೀವ್ರ ಕಳವಳಕಾರಿ ಘಟನೆಯಾಗಿದೆ.

ಅರಣ್ಯ ಇಲಾಖೆಯ ಅಧಿಕಾರಿಗಳು ಸ್ಥಳಕ್ಕೆ ತಲುಪಿದ್ದಾರೆ ಮತ್ತು ಪುರಾವೆಗಳನ್ನು ಸಂಗ್ರಹಿಸುತ್ತಿದ್ದಾರೆ. ಹುಲಿಗಳ ಸಾವಿಗೆ ಕಾರಣವಾದ ವಿಷವು ಯಾವುದೇ ಬಾಹ್ಯ ಗಾಯದ ಲಕ್ಷಣಗಳಿಲ್ಲ ಎಂದು ಸೂಚಿಸುತ್ತದೆ, ಆದರೆ ಮರಣೋತ್ತರ ಪರೀಕ್ಷೆ ಮತ್ತು ವಿಧಿವಿಜ್ಞಾನ ವಿಶ್ಲೇಷಣೆ ಪೂರ್ಣಗೊಳ್ಳುವವರೆಗೆ ಅಧಿಕಾರಿಗಳು ಯಾವುದೇ ಸಾಧ್ಯತೆಯನ್ನು ತಳ್ಳಿಹಾಕಿಲ್ಲ.

ಕರ್ನಾಟಕವು ಭಾರತದಲ್ಲಿ ಅತಿ ಹೆಚ್ಚು ಹುಲಿಗಳನ್ನು ಹೊಂದಿರುವ ರಾಜ್ಯಗಳಲ್ಲಿ ಒಂದಾಗಿದೆ. ಈ ಘಟನೆ ಜಿಲ್ಲೆಯಲ್ಲಿರುವ ಮಲೆ ಮಹದೇಶ್ವರ ಬೆಟ್ಟಗಳಲ್ಲಿ ಗಮನಾರ್ಹ ಸಂಖ್ಯೆಯ ಹುಲಿಗಳ ನೆಲೆಯಾಗಿದ್ದು, ದೊಡ್ಡ ಬೆಕ್ಕುಗಳ ವನ್ಯಜೀವಿ ವಿಭಾಗದ ನಿರ್ಣಾಯಕ ಭಾಗವಾಗಿದೆ.

ಲೇಖಕರು:
ಡಾ. ವಸಂತಕುಮಾರ್ ಬಿ.
ಪ್ರಾಧ್ಯಾಪಕರು, ಪ್ರಾಣಿಶಾಸ್ತ್ರ
ಸರ್.ಎಂ.ವಿ. ಸರ್ಕಾರಿ ವಿಜ್ಞಾನ ಕಾಲೇಜು
ಬೊಮ್ಮನಕಟ್ಟೆ, ಭದ್ರಾವತಿ.
ಸತ್ತ ತಾಯಿ ಹುಲಿ
